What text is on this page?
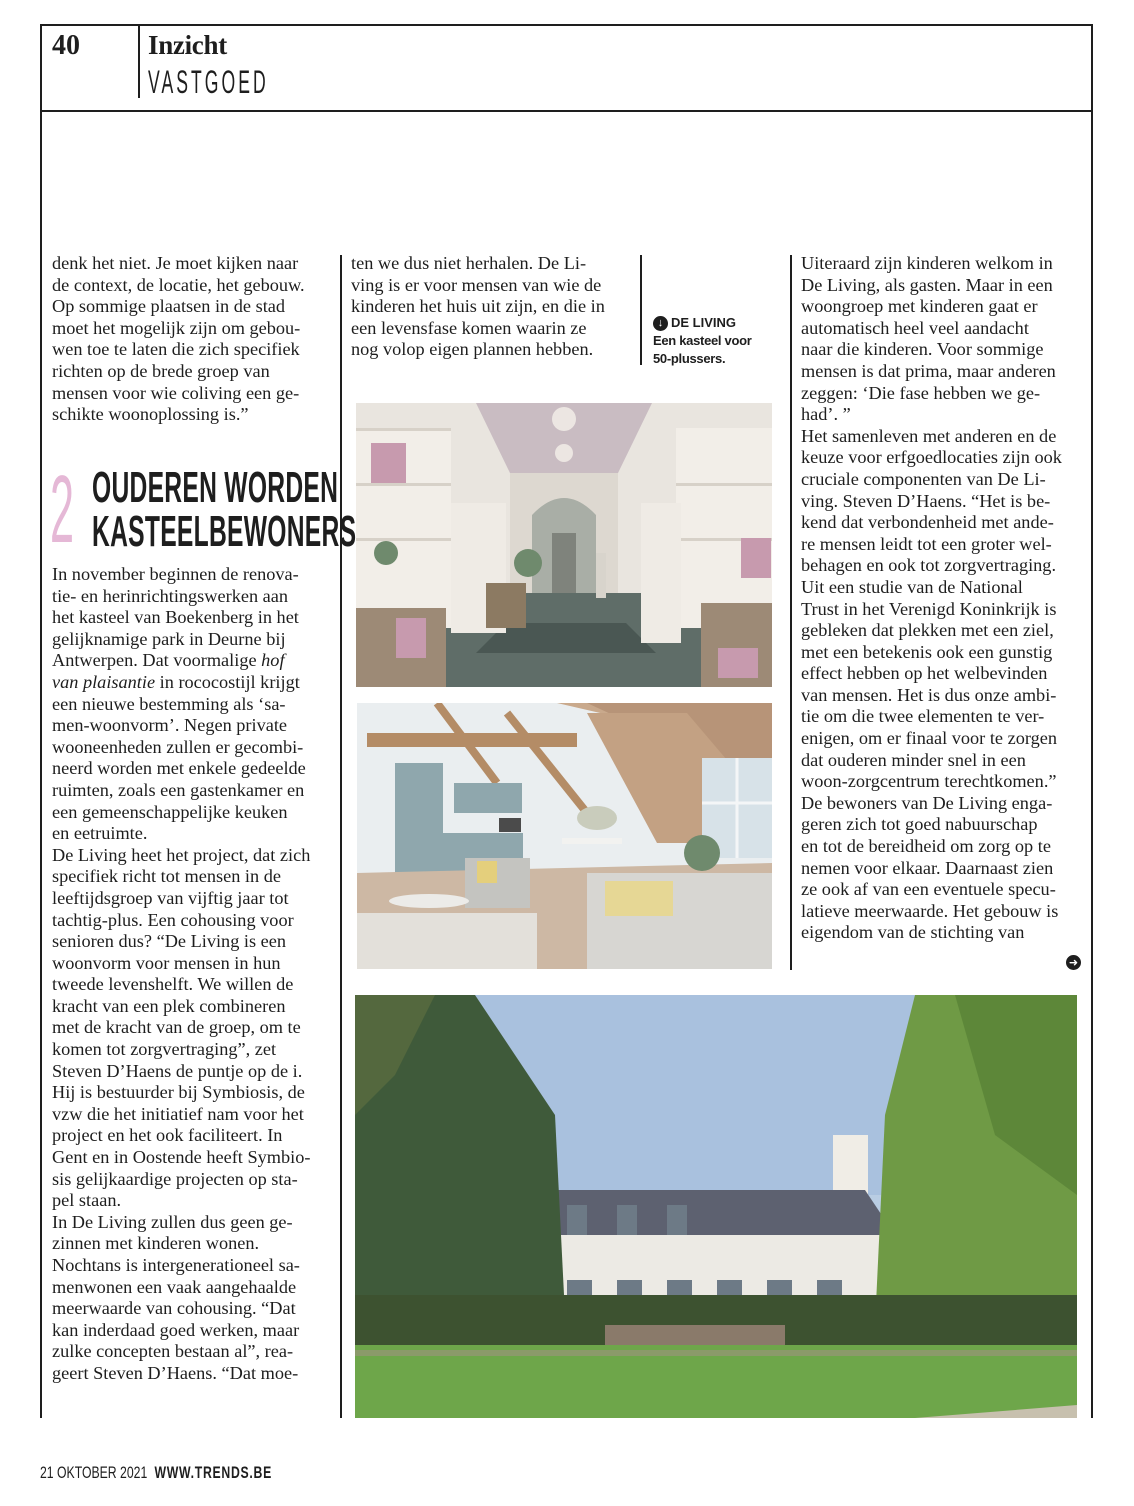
40	Inzicht
VASTGOED
denk het niet. Je moet kijken naar
de context, de locatie, het gebouw.
Op sommige plaatsen in de stad
moet het mogelijk zijn om gebou-
wen toe te laten die zich specifiek
richten op de brede groep van
mensen voor wie coliving een ge-
schikte woonoplossing is.”
2 OUDEREN WORDEN
KASTEELBEWONERS
In november beginnen de renova-
tie- en herinrichtingswerken aan
het kasteel van Boekenberg in het
gelijknamige park in Deurne bij
Antwerpen. Dat voormalige hof
van plaisantie in rococostijl krijgt
een nieuwe bestemming als ‘sa-
men-woonvorm’. Negen private
wooneenheden zullen er gecombi-
neerd worden met enkele gedeelde
ruimten, zoals een gastenkamer en
een gemeenschappelijke keuken
en eetruimte.
De Living heet het project, dat zich
specifiek richt tot mensen in de
leeftijdsgroep van vijftig jaar tot
tachtig-plus. Een cohousing voor
senioren dus? “De Living is een
woonvorm voor mensen in hun
tweede levenshelft. We willen de
kracht van een plek combineren
met de kracht van de groep, om te
komen tot zorgvertraging”, zet
Steven D’Haens de puntje op de i.
Hij is bestuurder bij Symbiosis, de
vzw die het initiatief nam voor het
project en het ook faciliteert. In
Gent en in Oostende heeft Symbio-
sis gelijkaardige projecten op sta-
pel staan.
In De Living zullen dus geen ge-
zinnen met kinderen wonen.
Nochtans is intergenerationeel sa-
menwonen een vaak aangehaalde
meerwaarde van cohousing. “Dat
kan inderdaad goed werken, maar
zulke concepten bestaan al”, rea-
geert Steven D’Haens. “Dat moe-
ten we dus niet herhalen. De Li-
ving is er voor mensen van wie de
kinderen het huis uit zijn, en die in
een levensfase komen waarin ze
nog volop eigen plannen hebben.
↓ DE LIVING
Een kasteel voor
50-plussers.
Uiteraard zijn kinderen welkom in
De Living, als gasten. Maar in een
woongroep met kinderen gaat er
automatisch heel veel aandacht
naar die kinderen. Voor sommige
mensen is dat prima, maar anderen
zeggen: ‘Die fase hebben we ge-
had’. ”
Het samenleven met anderen en de
keuze voor erfgoedlocaties zijn ook
cruciale componenten van De Li-
ving. Steven D’Haens. “Het is be-
kend dat verbondenheid met ande-
re mensen leidt tot een groter wel-
behagen en ook tot zorgvertraging.
Uit een studie van de National
Trust in het Verenigd Koninkrijk is
gebleken dat plekken met een ziel,
met een betekenis ook een gunstig
effect hebben op het welbevinden
van mensen. Het is dus onze ambi-
tie om die twee elementen te ver-
enigen, om er finaal voor te zorgen
dat ouderen minder snel in een
woon-zorgcentrum terechtkomen.”
De bewoners van De Living enga-
geren zich tot goed nabuurschap
en tot de bereidheid om zorg op te
nemen voor elkaar. Daarnaast zien
ze ook af van een eventuele specu-
latieve meerwaarde. Het gebouw is
eigendom van de stichting van
➜
21 OKTOBER 2021 WWW.TRENDS.BE
